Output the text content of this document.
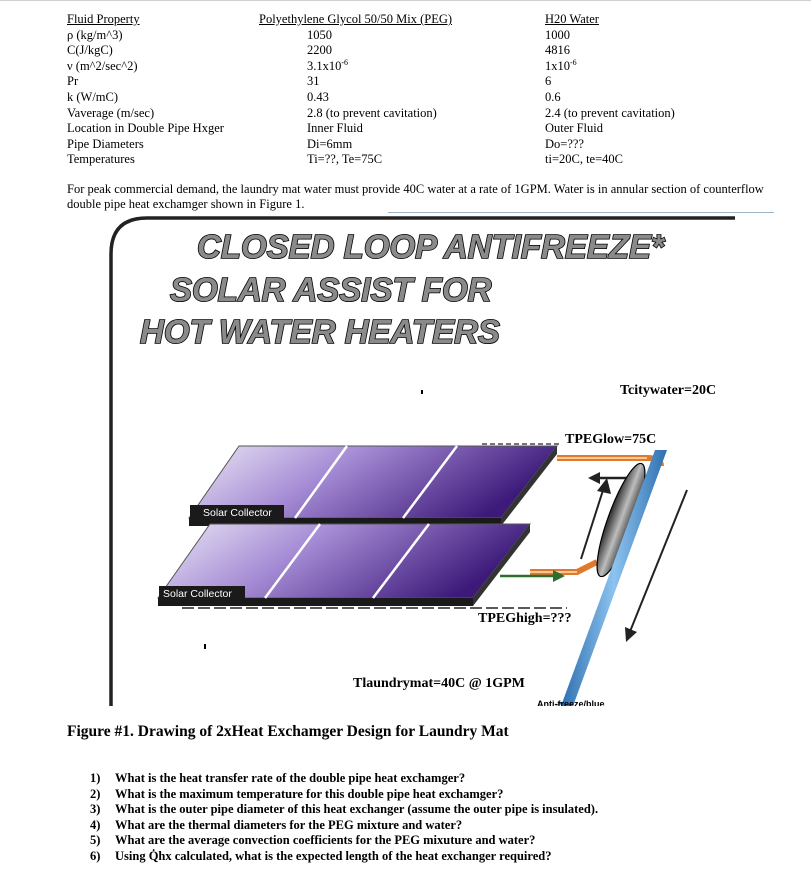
Fluid Property	Polyethylene Glycol 50/50 Mix (PEG)	H20 Water
ρ (kg/m^3)	1050	1000
C(J/kgC)	2200	4816
ν (m^2/sec^2)	$3.1x10^{-6}$	$1x10^{-6}$
Pr	31	6
k (W/mC)	0.43	0.6
Vaverage (m/sec)	2.8 (to prevent cavitation)	2.4 (to prevent cavitation)
Location in Double Pipe Hxger	Inner Fluid	Outer Fluid
Pipe Diameters	Di=6mm	Do=???
Temperatures	Ti=??, Te=75C	ti=20C, te=40C
For peak commercial demand, the laundry mat water must provide 40C water at a rate of 1GPM. Water is in annular section of counterflow double pipe heat exchamger shown in Figure 1.
CLOSED LOOP ANTIFREEZE*
SOLAR ASSIST FOR
HOT WATER HEATERS
Solar Collector
Solar Collector
Tcitywater=20C
TPEGlow=75C
TPEGhigh=???
Tlaundrymat=40C @ 1GPM
Anti-freeze/blue
Figure #1. Drawing of 2xHeat Exchamger Design for Laundry Mat
1) What is the heat transfer rate of the double pipe heat exchamger?
2) What is the maximum temperature for this double pipe heat exchamger?
3) What is the outer pipe diameter of this heat exchanger (assume the outer pipe is insulated).
4) What are the thermal diameters for the PEG mixture and water?
5) What are the average convection coefficients for the PEG mixuture and water?
6) Using Q̇hx calculated, what is the expected length of the heat exchanger required?
